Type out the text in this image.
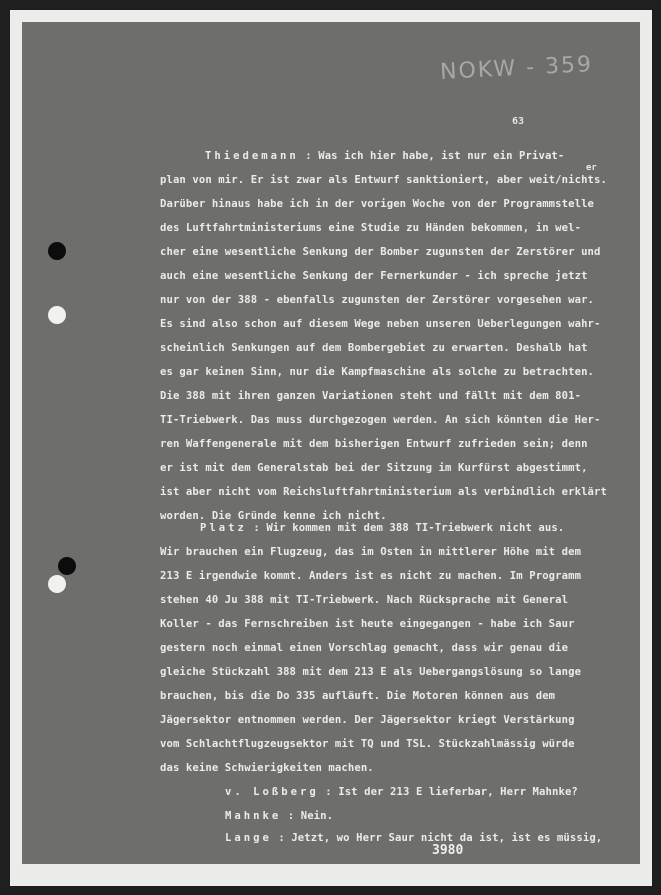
NOKW - 359
63
er
Thiedemann : Was ich hier habe, ist nur ein Privat-
plan von mir. Er ist zwar als Entwurf sanktioniert, aber weit/nichts.
Darüber hinaus habe ich in der vorigen Woche von der Programmstelle
des Luftfahrtministeriums eine Studie zu Händen bekommen, in wel-
cher eine wesentliche Senkung der Bomber zugunsten der Zerstörer und
auch eine wesentliche Senkung der Fernerkunder - ich spreche jetzt
nur von der 388 - ebenfalls zugunsten der Zerstörer vorgesehen war.
Es sind also schon auf diesem Wege neben unseren Ueberlegungen wahr-
scheinlich Senkungen auf dem Bombergebiet zu erwarten. Deshalb hat
es gar keinen Sinn, nur die Kampfmaschine als solche zu betrachten.
Die 388 mit ihren ganzen Variationen steht und fällt mit dem 801-
TI-Triebwerk. Das muss durchgezogen werden. An sich könnten die Her-
ren Waffengenerale mit dem bisherigen Entwurf zufrieden sein; denn
er ist mit dem Generalstab bei der Sitzung im Kurfürst abgestimmt,
ist aber nicht vom Reichsluftfahrtministerium als verbindlich erklärt
worden. Die Gründe kenne ich nicht.
Platz : Wir kommen mit dem 388 TI-Triebwerk nicht aus.
Wir brauchen ein Flugzeug, das im Osten in mittlerer Höhe mit dem
213 E irgendwie kommt. Anders ist es nicht zu machen. Im Programm
stehen 40 Ju 388 mit TI-Triebwerk. Nach Rücksprache mit General
Koller - das Fernschreiben ist heute eingegangen - habe ich Saur
gestern noch einmal einen Vorschlag gemacht, dass wir genau die
gleiche Stückzahl 388 mit dem 213 E als Uebergangslösung so lange
brauchen, bis die Do 335 aufläuft. Die Motoren können aus dem
Jägersektor entnommen werden. Der Jägersektor kriegt Verstärkung
vom Schlachtflugzeugsektor mit TQ und TSL. Stückzahlmässig würde
das keine Schwierigkeiten machen.
v. Loßberg : Ist der 213 E lieferbar, Herr Mahnke?
Mahnke : Nein.
Lange : Jetzt, wo Herr Saur nicht da ist, ist es müssig,
3980
